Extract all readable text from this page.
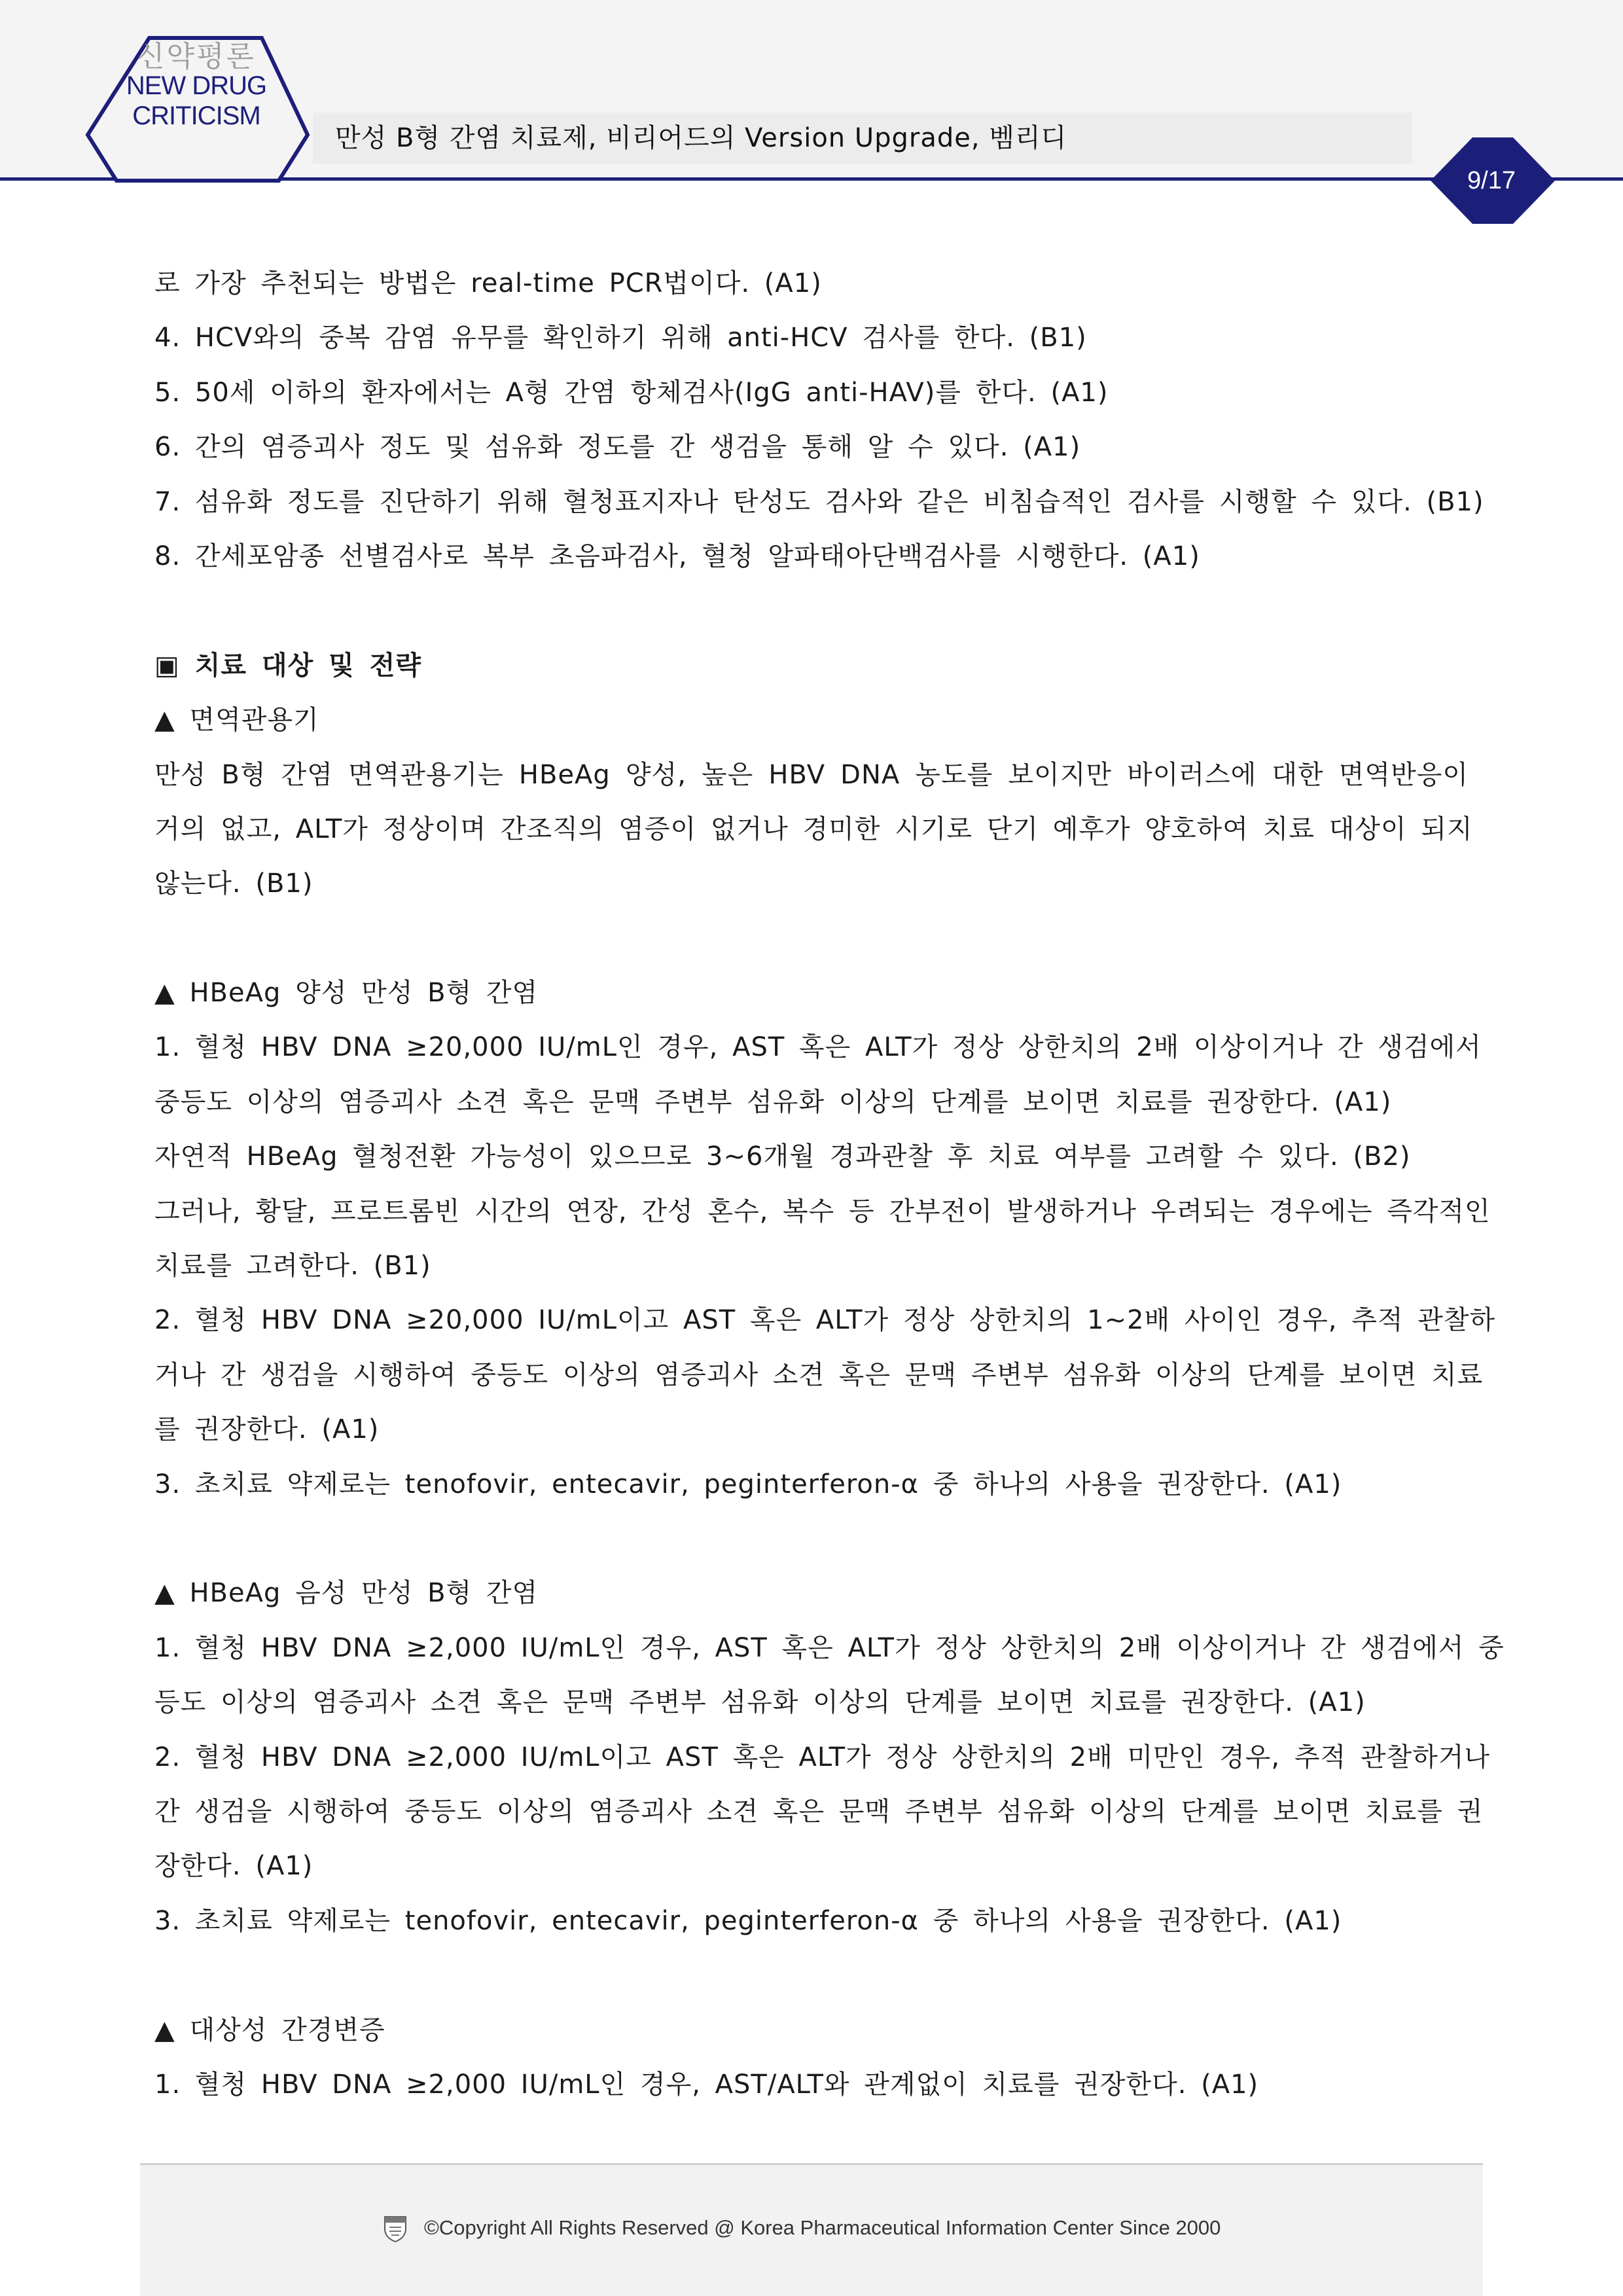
신약평론
NEW DRUG
CRITICISM
만성 B형 간염 치료제, 비리어드의 Version Upgrade, 벰리디
9/17
로 가장 추천되는 방법은 real-time PCR법이다. (A1)
4. HCV와의 중복 감염 유무를 확인하기 위해 anti-HCV 검사를 한다. (B1)
5. 50세 이하의 환자에서는 A형 간염 항체검사(IgG anti-HAV)를 한다. (A1)
6. 간의 염증괴사 정도 및 섬유화 정도를 간 생검을 통해 알 수 있다. (A1)
7. 섬유화 정도를 진단하기 위해 혈청표지자나 탄성도 검사와 같은 비침습적인 검사를 시행할 수 있다. (B1)
8. 간세포암종 선별검사로 복부 초음파검사, 혈청 알파태아단백검사를 시행한다. (A1)
▣ 치료 대상 및 전략
▲ 면역관용기
만성 B형 간염 면역관용기는 HBeAg 양성, 높은 HBV DNA 농도를 보이지만 바이러스에 대한 면역반응이
거의 없고, ALT가 정상이며 간조직의 염증이 없거나 경미한 시기로 단기 예후가 양호하여 치료 대상이 되지
않는다. (B1)
▲ HBeAg 양성 만성 B형 간염
1. 혈청 HBV DNA ≥20,000 IU/mL인 경우, AST 혹은 ALT가 정상 상한치의 2배 이상이거나 간 생검에서
중등도 이상의 염증괴사 소견 혹은 문맥 주변부 섬유화 이상의 단계를 보이면 치료를 권장한다. (A1)
자연적 HBeAg 혈청전환 가능성이 있으므로 3~6개월 경과관찰 후 치료 여부를 고려할 수 있다. (B2)
그러나, 황달, 프로트롬빈 시간의 연장, 간성 혼수, 복수 등 간부전이 발생하거나 우려되는 경우에는 즉각적인
치료를 고려한다. (B1)
2. 혈청 HBV DNA ≥20,000 IU/mL이고 AST 혹은 ALT가 정상 상한치의 1~2배 사이인 경우, 추적 관찰하
거나 간 생검을 시행하여 중등도 이상의 염증괴사 소견 혹은 문맥 주변부 섬유화 이상의 단계를 보이면 치료
를 권장한다. (A1)
3. 초치료 약제로는 tenofovir, entecavir, peginterferon-α 중 하나의 사용을 권장한다. (A1)
▲ HBeAg 음성 만성 B형 간염
1. 혈청 HBV DNA ≥2,000 IU/mL인 경우, AST 혹은 ALT가 정상 상한치의 2배 이상이거나 간 생검에서 중
등도 이상의 염증괴사 소견 혹은 문맥 주변부 섬유화 이상의 단계를 보이면 치료를 권장한다. (A1)
2. 혈청 HBV DNA ≥2,000 IU/mL이고 AST 혹은 ALT가 정상 상한치의 2배 미만인 경우, 추적 관찰하거나
간 생검을 시행하여 중등도 이상의 염증괴사 소견 혹은 문맥 주변부 섬유화 이상의 단계를 보이면 치료를 권
장한다. (A1)
3. 초치료 약제로는 tenofovir, entecavir, peginterferon-α 중 하나의 사용을 권장한다. (A1)
▲ 대상성 간경변증
1. 혈청 HBV DNA ≥2,000 IU/mL인 경우, AST/ALT와 관계없이 치료를 권장한다. (A1)
©Copyright All Rights Reserved @ Korea Pharmaceutical Information Center Since 2000
